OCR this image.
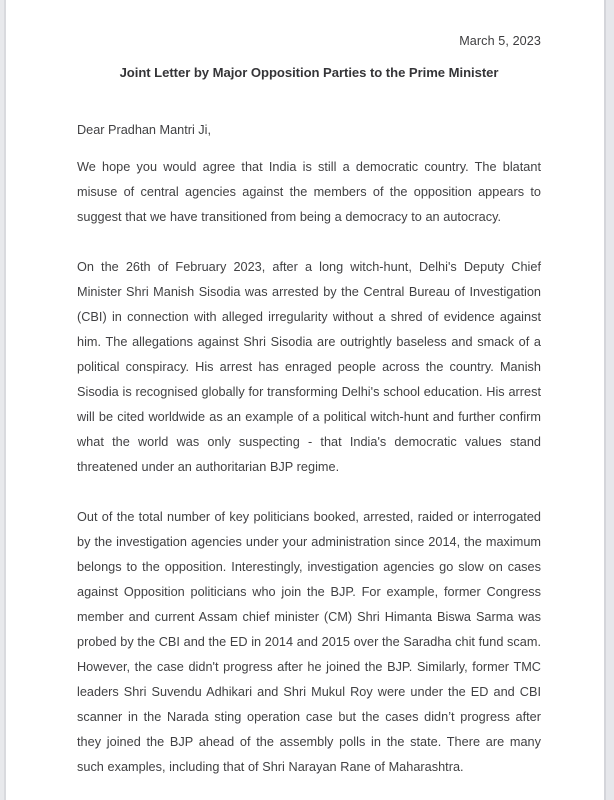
March 5, 2023
Joint Letter by Major Opposition Parties to the Prime Minister
Dear Pradhan Mantri Ji,

We hope you would agree that India is still a democratic country. The blatant misuse of central agencies against the members of the opposition appears to suggest that we have transitioned from being a democracy to an autocracy.

On the 26th of February 2023, after a long witch-hunt, Delhi's Deputy Chief Minister Shri Manish Sisodia was arrested by the Central Bureau of Investigation (CBI) in connection with alleged irregularity without a shred of evidence against him. The allegations against Shri Sisodia are outrightly baseless and smack of a political conspiracy. His arrest has enraged people across the country. Manish Sisodia is recognised globally for transforming Delhi's school education. His arrest will be cited worldwide as an example of a political witch-hunt and further confirm what the world was only suspecting - that India's democratic values stand threatened under an authoritarian BJP regime.

Out of the total number of key politicians booked, arrested, raided or interrogated by the investigation agencies under your administration since 2014, the maximum belongs to the opposition. Interestingly, investigation agencies go slow on cases against Opposition politicians who join the BJP. For example, former Congress member and current Assam chief minister (CM) Shri Himanta Biswa Sarma was probed by the CBI and the ED in 2014 and 2015 over the Saradha chit fund scam. However, the case didn't progress after he joined the BJP. Similarly, former TMC leaders Shri Suvendu Adhikari and Shri Mukul Roy were under the ED and CBI scanner in the Narada sting operation case but the cases didn’t progress after they joined the BJP ahead of the assembly polls in the state. There are many such examples, including that of Shri Narayan Rane of Maharashtra.
